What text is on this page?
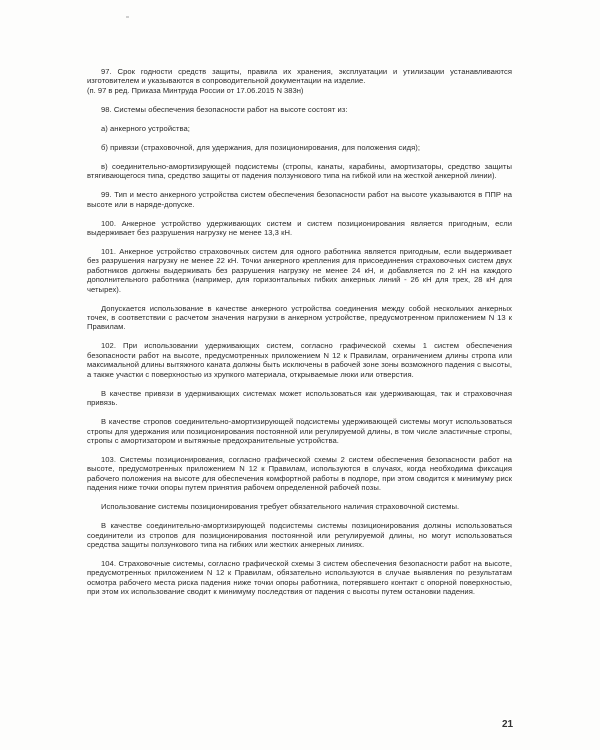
97. Срок годности средств защиты, правила их хранения, эксплуатации и утилизации устанавливаются изготовителем и указываются в сопроводительной документации на изделие.

(п. 97 в ред. Приказа Минтруда России от 17.06.2015 N 383н)

98. Системы обеспечения безопасности работ на высоте состоят из:

а) анкерного устройства;

б) привязи (страховочной, для удержания, для позиционирования, для положения сидя);

в) соединительно-амортизирующей подсистемы (стропы, канаты, карабины, амортизаторы, средство защиты втягивающегося типа, средство защиты от падения ползункового типа на гибкой или на жесткой анкерной линии).

99. Тип и место анкерного устройства систем обеспечения безопасности работ на высоте указываются в ППР на высоте или в наряде-допуске.

100. Анкерное устройство удерживающих систем и систем позиционирования является пригодным, если выдерживает без разрушения нагрузку не менее 13,3 кН.

101. Анкерное устройство страховочных систем для одного работника является пригодным, если выдерживает без разрушения нагрузку не менее 22 кН. Точки анкерного крепления для присоединения страховочных систем двух работников должны выдерживать без разрушения нагрузку не менее 24 кН, и добавляется по 2 кН на каждого дополнительного работника (например, для горизонтальных гибких анкерных линий - 26 кН для трех, 28 кН для четырех).

Допускается использование в качестве анкерного устройства соединения между собой нескольких анкерных точек, в соответствии с расчетом значения нагрузки в анкерном устройстве, предусмотренном приложением N 13 к Правилам.

102. При использовании удерживающих систем, согласно графической схемы 1 систем обеспечения безопасности работ на высоте, предусмотренных приложением N 12 к Правилам, ограничением длины стропа или максимальной длины вытяжного каната должны быть исключены в рабочей зоне зоны возможного падения с высоты, а также участки с поверхностью из хрупкого материала, открываемые люки или отверстия.

В качестве привязи в удерживающих системах может использоваться как удерживающая, так и страховочная привязь.

В качестве стропов соединительно-амортизирующей подсистемы удерживающей системы могут использоваться стропы для удержания или позиционирования постоянной или регулируемой длины, в том числе эластичные стропы, стропы с амортизатором и вытяжные предохранительные устройства.

103. Системы позиционирования, согласно графической схемы 2 систем обеспечения безопасности работ на высоте, предусмотренных приложением N 12 к Правилам, используются в случаях, когда необходима фиксация рабочего положения на высоте для обеспечения комфортной работы в подпоре, при этом сводится к минимуму риск падения ниже точки опоры путем принятия рабочем определенной рабочей позы.

Использование системы позиционирования требует обязательного наличия страховочной системы.

В качестве соединительно-амортизирующей подсистемы системы позиционирования должны использоваться соединители из стропов для позиционирования постоянной или регулируемой длины, но могут использоваться средства защиты ползункового типа на гибких или жестких анкерных линиях.

104. Страховочные системы, согласно графической схемы 3 систем обеспечения безопасности работ на высоте, предусмотренных приложением N 12 к Правилам, обязательно используются в случае выявления по результатам осмотра рабочего места риска падения ниже точки опоры работника, потерявшего контакт с опорной поверхностью, при этом их использование сводит к минимуму последствия от падения с высоты путем остановки падения.

21
